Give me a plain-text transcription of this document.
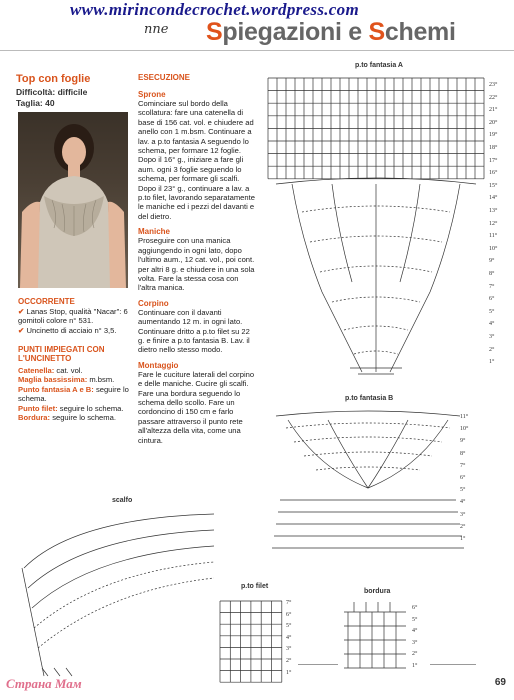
www.mirincondecrochet.wordpress.com
nne Spiegazioni e Schemi
Top con foglie
Difficoltà: difficile
Taglia: 40
OCCORRENTE
✔ Lanas Stop, qualità "Nacar": 6 gomitoli colore n° 531.
✔ Uncinetto di acciaio n° 3,5.
PUNTI IMPIEGATI CON L'UNCINETTO
Catenella: cat. vol.
Maglia bassissima: m.bsm.
Punto fantasia A e B: seguire lo schema.
Punto filet: seguire lo schema.
Bordura: seguire lo schema.
ESECUZIONE
Sprone

Cominciare sul bordo della scollatura: fare una catenella di base di 156 cat. vol. e chiudere ad anello con 1 m.bsm. Continuare a lav. a p.to fantasia A seguendo lo schema, per formare 12 foglie. Dopo il 16° g., iniziare a fare gli aum. ogni 3 foglie seguendo lo schema, per formare gli scalfi. Dopo il 23° g., continuare a lav. a p.to filet, lavorando separatamente le maniche ed i pezzi del davanti e del dietro.

Maniche

Proseguire con una manica aggiungendo in ogni lato, dopo l'ultimo aum., 12 cat. vol., poi cont. per altri 8 g. e chiudere in una sola volta. Fare la stessa cosa con l'altra manica.

Corpino

Continuare con il davanti aumentando 12 m. in ogni lato. Continuare dritto a p.to filet su 22 g. e finire a p.to fantasia B. Lav. il dietro nello stesso modo.

Montaggio

Fare le cuciture laterali del corpino e delle maniche. Cucire gli scalfi. Fare una bordura seguendo lo schema dello scollo. Fare un cordoncino di 150 cm e farlo passare attraverso il punto rete all'altezza della vita, come una cintura.

p.to fantasia A
23°
22°
21°
20°
19°
18°
17°
16°
15°
14°
13°
12°
11°
10°
9°
8°
7°
6°
5°
4°
3°
2°
1°
p.to fantasia B
11°
10°
9°
8°
7°
6°
5°
4°
3°
2°
1°
scalfo
p.to filet
7°
6°
5°
4°
3°
2°
1°
bordura
6°
5°
4°
3°
2°
1°
Страна Мам	69
